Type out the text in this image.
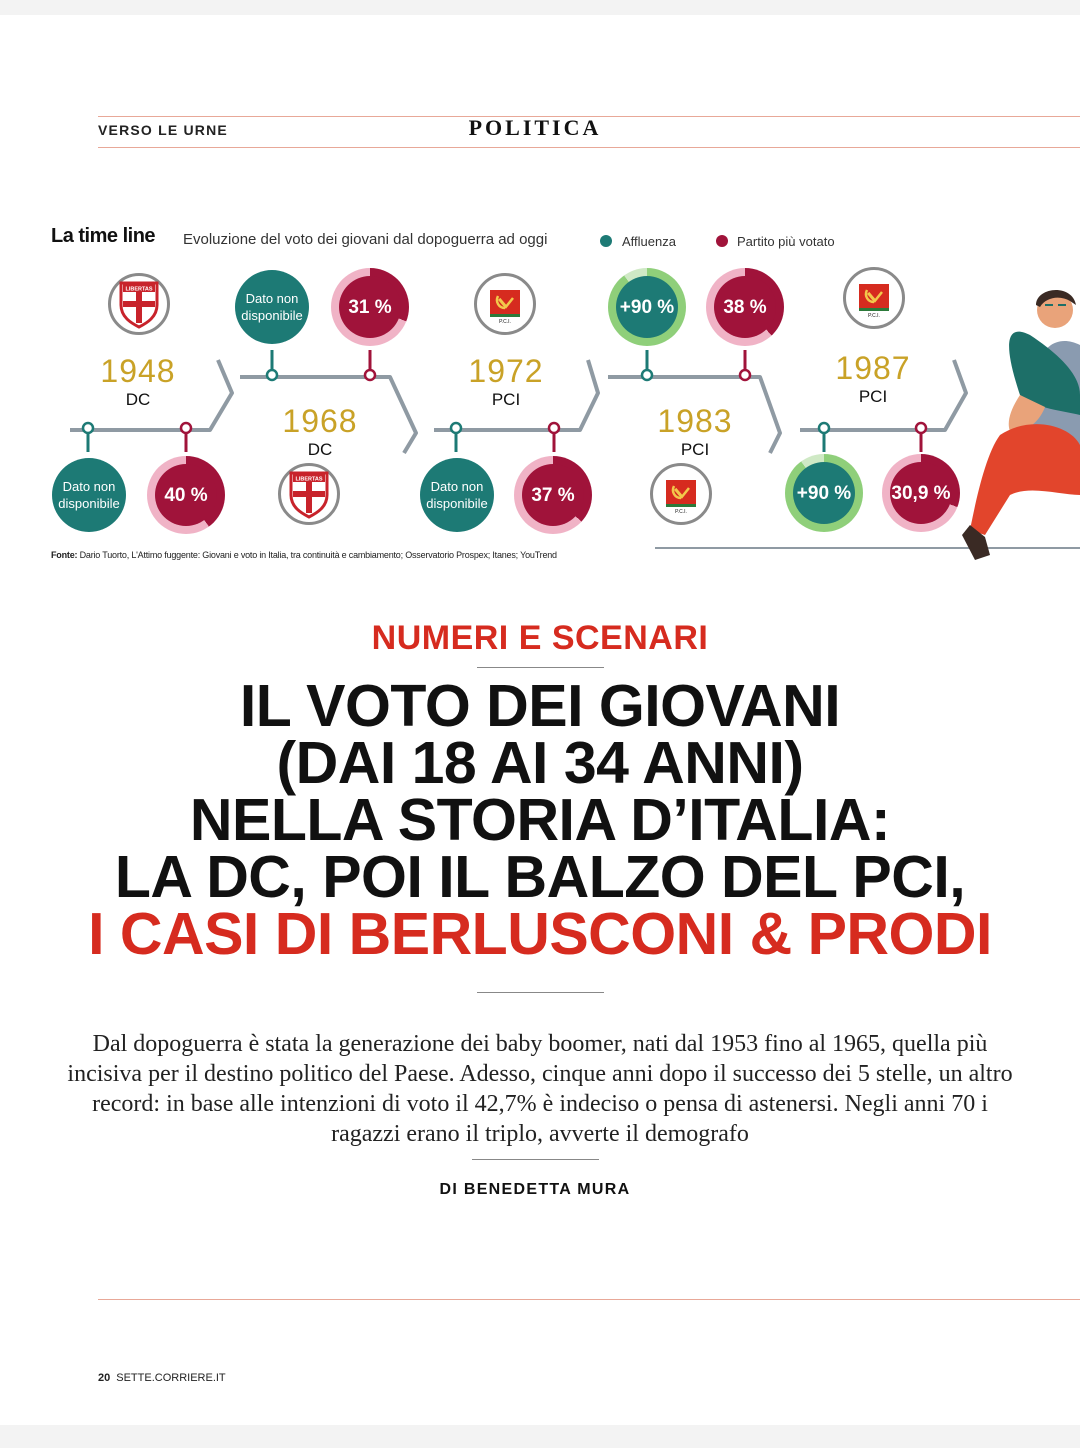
VERSO LE URNE	POLITICA
La time line Evoluzione del voto dei giovani dal dopoguerra ad oggi	Affluenza	Partito più votato
LIBERTAS
1948
DC
Dato non disponibile	40 %
Dato non disponibile	31 %
1968
DC
LIBERTAS
P.C.I.
1972
PCI
Dato non disponibile	37 %
+90 %	38 %
1983
PCI
P.C.I.
P.C.I.
1987
PCI
+90 % 30,9 %
Fonte: Dario Tuorto, L'Attimo fuggente: Giovani e voto in Italia, tra continuità e cambiamento; Osservatorio Prospex; Itanes; YouTrend
NUMERI E SCENARI
IL VOTO DEI GIOVANI
(DAI 18 AI 34 ANNI)
NELLA STORIA D’ITALIA:
LA DC, POI IL BALZO DEL PCI,
I CASI DI BERLUSCONI & PRODI
Dal dopoguerra è stata la generazione dei baby boomer, nati dal 1953 fino al 1965, quella più incisiva per il destino politico del Paese. Adesso, cinque anni dopo il successo dei 5 stelle, un altro record: in base alle intenzioni di voto il 42,7% è indeciso o pensa di astenersi. Negli anni 70 i ragazzi erano il triplo, avverte il demografo
DI BENEDETTA MURA
20 SETTE.CORRIERE.IT
